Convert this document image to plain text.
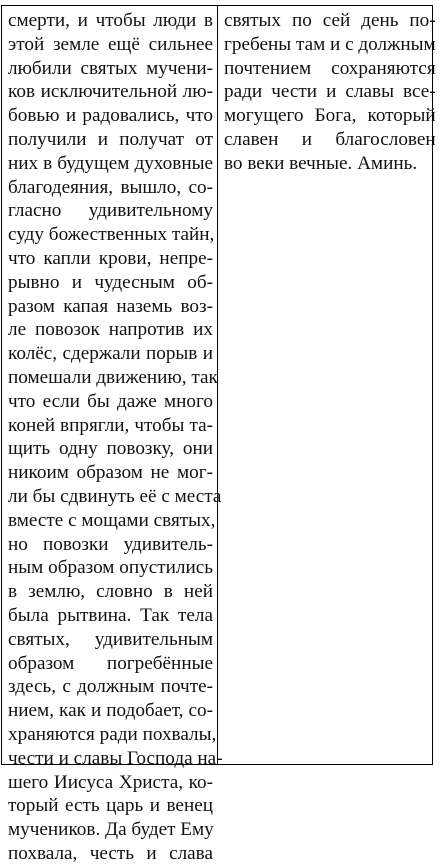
смерти, и чтобы люди в
этой земле ещё сильнее
любили святых мучени-
ков исключительной лю-
бовью и радовались, что
получили и получат от
них в будущем духовные
благодеяния, вышло, со-
гласно удивительному
суду божественных тайн,
что капли крови, непре-
рывно и чудесным об-
разом капая наземь воз-
ле повозок напротив их
колёс, сдержали порыв и
помешали движению, так
что если бы даже много
коней впрягли, чтобы та-
щить одну повозку, они
никоим образом не мог-
ли бы сдвинуть её с места
вместе с мощами святых,
но повозки удивитель-
ным образом опустились
в землю, словно в ней
была рытвина. Так тела
святых, удивительным
образом погребённые
здесь, с должным почте-
нием, как и подобает, со-
храняются ради похвалы,
чести и славы Господа на-
шего Иисуса Христа, ко-
торый есть царь и венец
мучеников. Да будет Ему
похвала, честь и слава
святых по сей день по-
гребены там и с должным
почтением сохраняются
ради чести и славы все-
могущего Бога, который
славен и благословен
во веки вечные. Аминь.
